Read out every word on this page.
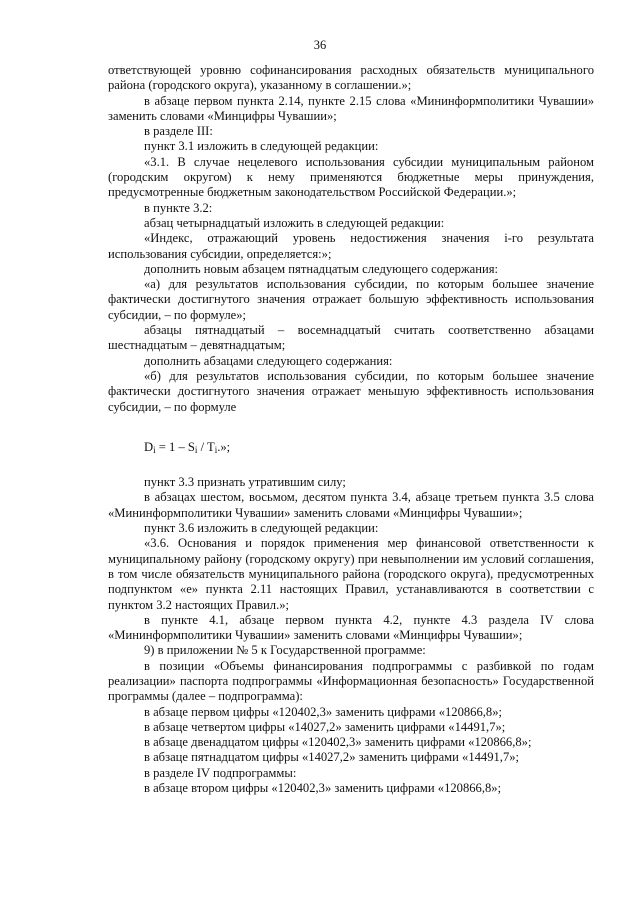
36

ответствующей уровню софинансирования расходных обязательств муниципального района (городского округа), указанному в соглашении.»;

в абзаце первом пункта 2.14, пункте 2.15 слова «Мининформполитики Чувашии» заменить словами «Минцифры Чувашии»;

в разделе III:

пункт 3.1 изложить в следующей редакции:

«3.1. В случае нецелевого использования субсидии муниципальным районом (городским округом) к нему применяются бюджетные меры принуждения, предусмотренные бюджетным законодательством Российской Федерации.»;

в пункте 3.2:

абзац четырнадцатый изложить в следующей редакции:

«Индекс, отражающий уровень недостижения значения i-го результата использования субсидии, определяется:»;

дополнить новым абзацем пятнадцатым следующего содержания:

«а) для результатов использования субсидии, по которым большее значение фактически достигнутого значения отражает большую эффективность использования субсидии, – по формуле»;

абзацы пятнадцатый – восемнадцатый считать соответственно абзацами шестнадцатым – девятнадцатым;

дополнить абзацами следующего содержания:

«б) для результатов использования субсидии, по которым большее значение фактически достигнутого значения отражает меньшую эффективность использования субсидии, – по формуле

$D_i = 1 - S_i / T_i$.»;

пункт 3.3 признать утратившим силу;

в абзацах шестом, восьмом, десятом пункта 3.4, абзаце третьем пункта 3.5 слова «Мининформполитики Чувашии» заменить словами «Минцифры Чувашии»;

пункт 3.6 изложить в следующей редакции:

«3.6. Основания и порядок применения мер финансовой ответственности к муниципальному району (городскому округу) при невыполнении им условий соглашения, в том числе обязательств муниципального района (городского округа), предусмотренных подпунктом «е» пункта 2.11 настоящих Правил, устанавливаются в соответствии с пунктом 3.2 настоящих Правил.»;

в пункте 4.1, абзаце первом пункта 4.2, пункте 4.3 раздела IV слова «Мининформполитики Чувашии» заменить словами «Минцифры Чувашии»;

9) в приложении № 5 к Государственной программе:

в позиции «Объемы финансирования подпрограммы с разбивкой по годам реализации» паспорта подпрограммы «Информационная безопасность» Государственной программы (далее – подпрограмма):

в абзаце первом цифры «120402,3» заменить цифрами «120866,8»;

в абзаце четвертом цифры «14027,2» заменить цифрами «14491,7»;

в абзаце двенадцатом цифры «120402,3» заменить цифрами «120866,8»;

в абзаце пятнадцатом цифры «14027,2» заменить цифрами «14491,7»;

в разделе IV подпрограммы:

в абзаце втором цифры «120402,3» заменить цифрами «120866,8»;
